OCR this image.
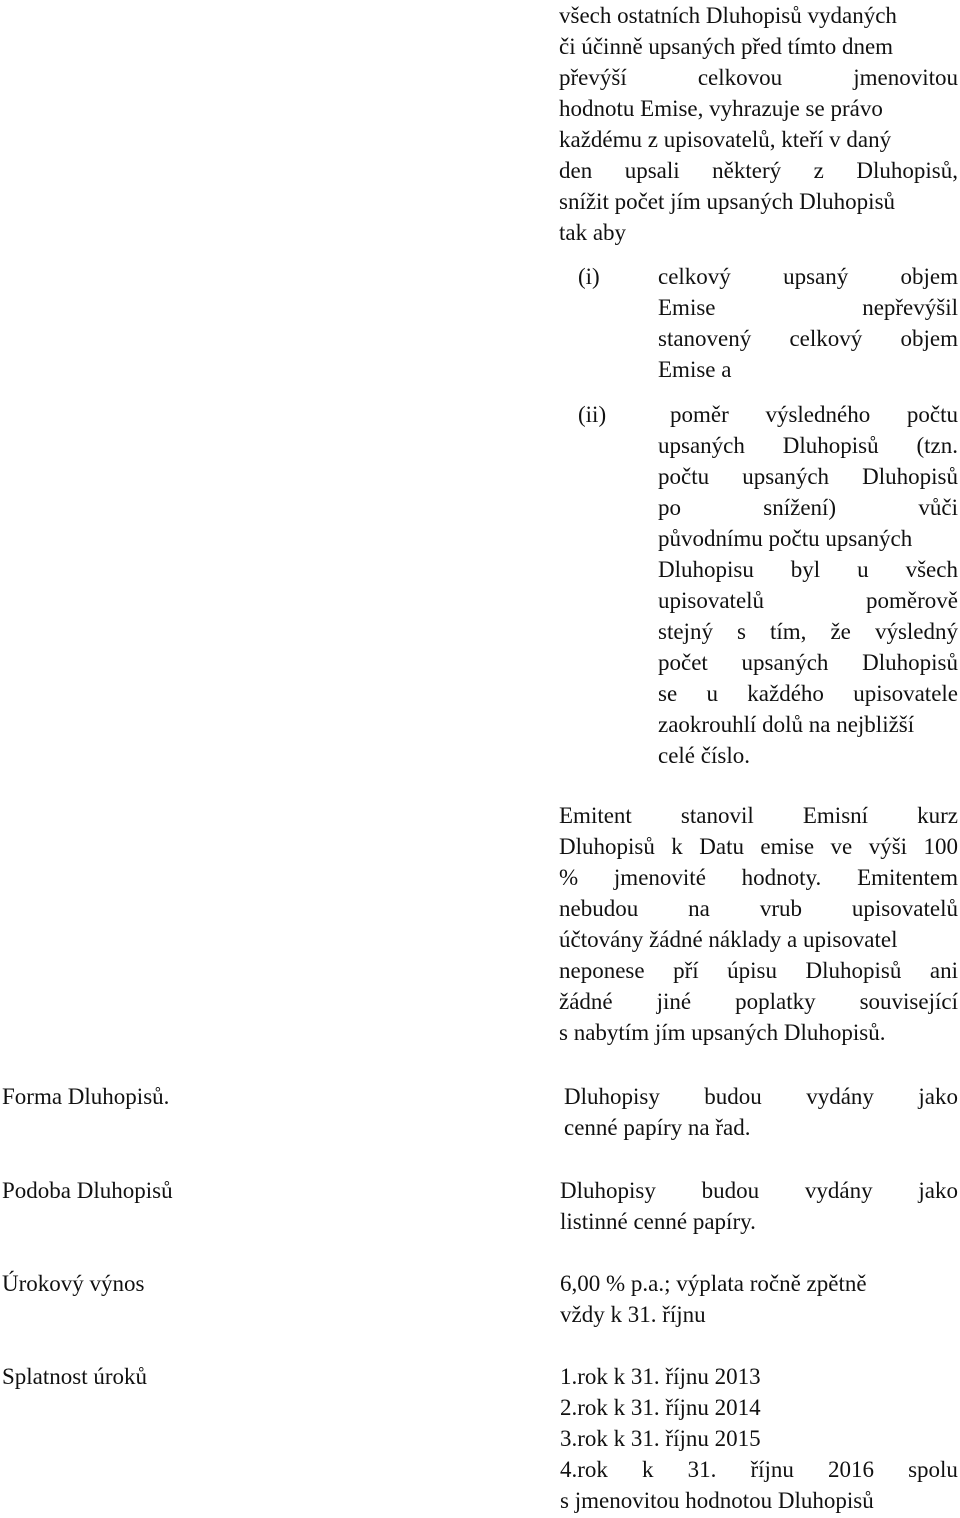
všech ostatních Dluhopisů vydaných
či účinně upsaných před tímto dnem
převýší	celkovou	jmenovitou
hodnotu Emise, vyhrazuje se právo
každému z upisovatelů, kteří v daný
den upsali některý z Dluhopisů,
snížit počet jím upsaných Dluhopisů
tak aby
(i)	celkový upsaný objem
Emise	nepřevýšil
stanovený celkový objem
Emise a
(ii)	poměr výsledného počtu
upsaných Dluhopisů (tzn.
počtu upsaných Dluhopisů
po	snížení)	vůči
původnímu počtu upsaných
Dluhopisu byl u všech
upisovatelů	poměrově
stejný s tím, že výsledný
počet upsaných Dluhopisů
se u každého upisovatele
zaokrouhlí dolů na nejbližší
celé číslo.
Emitent stanovil Emisní kurz
Dluhopisů k Datu emise ve výši 100
% jmenovité hodnoty. Emitentem
nebudou na vrub upisovatelů
účtovány žádné náklady a upisovatel
neponese pří úpisu Dluhopisů ani
žádné jiné poplatky související
s nabytím jím upsaných Dluhopisů.
Forma Dluhopisů.	Dluhopisy budou vydány jako
cenné papíry na řad.
Podoba Dluhopisů	Dluhopisy budou vydány jako
listinné cenné papíry.
Úrokový výnos	6,00 % p.a.; výplata ročně zpětně
vždy k 31. říjnu
Splatnost úroků	1.rok k 31. říjnu 2013
2.rok k 31. říjnu 2014
3.rok k 31. říjnu 2015
4.rok k 31. říjnu 2016 spolu
s jmenovitou hodnotou Dluhopisů
